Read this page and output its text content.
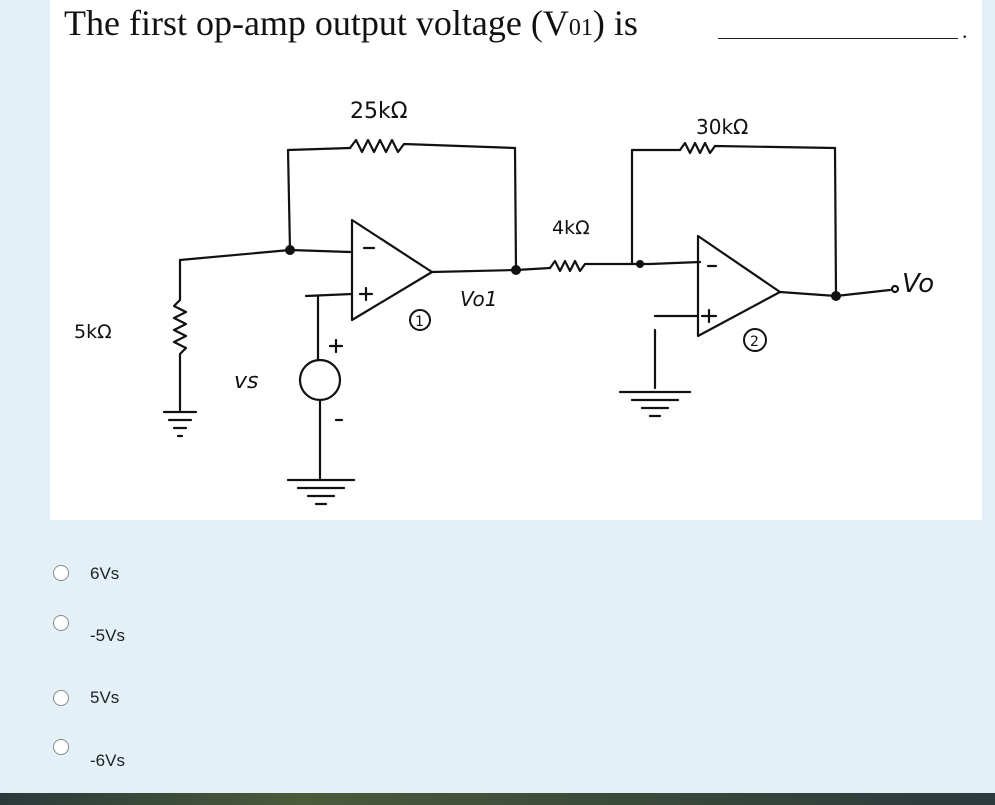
The first op-amp output voltage (V01) is	.
25kΩ
30kΩ
4kΩ
5kΩ
vs
Vo1	Vo
1
2
6Vs
-5Vs
5Vs
-6Vs
